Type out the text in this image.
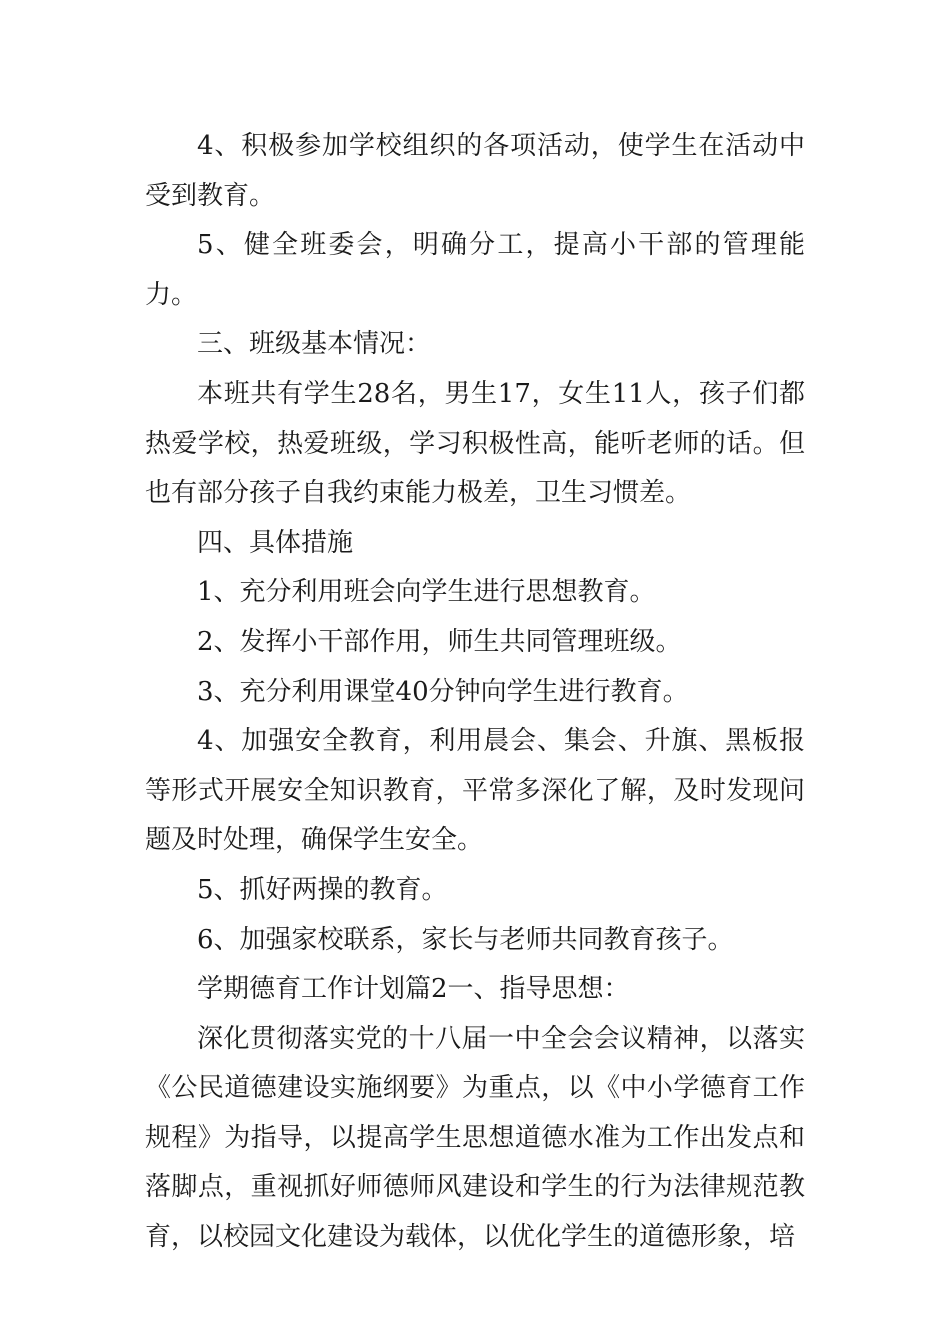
4、积极参加学校组织的各项活动，使学生在活动中受到教育。

5、健全班委会，明确分工，提高小干部的管理能力。

三、班级基本情况：

本班共有学生28名，男生17，女生11人，孩子们都热爱学校，热爱班级，学习积极性高，能听老师的话。但也有部分孩子自我约束能力极差，卫生习惯差。

四、具体措施

1、充分利用班会向学生进行思想教育。

2、发挥小干部作用，师生共同管理班级。

3、充分利用课堂40分钟向学生进行教育。

4、加强安全教育，利用晨会、集会、升旗、黑板报等形式开展安全知识教育，平常多深化了解，及时发现问题及时处理，确保学生安全。

5、抓好两操的教育。

6、加强家校联系，家长与老师共同教育孩子。

学期德育工作计划篇2一、指导思想：

深化贯彻落实党的十八届一中全会会议精神，以落实《公民道德建设实施纲要》为重点，以《中小学德育工作规程》为指导，以提高学生思想道德水准为工作出发点和落脚点，重视抓好师德师风建设和学生的行为法律规范教育，以校园文化建设为载体，以优化学生的道德形象，培
